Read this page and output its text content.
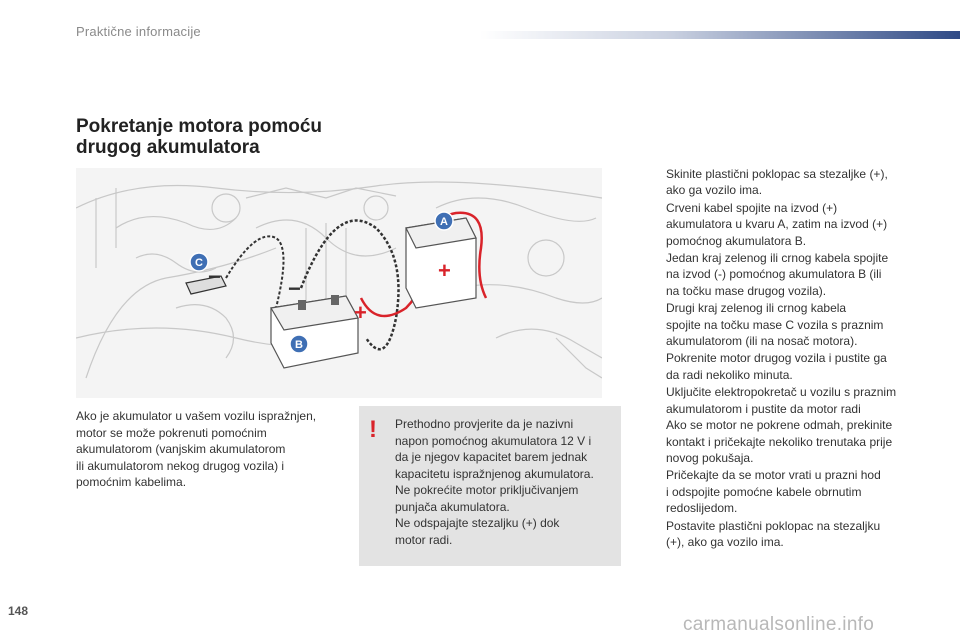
Praktične informacije
Pokretanje motora pomoću
drugog akumulatora
−	−
+
+
A
B
C
Ako je akumulator u vašem vozilu ispražnjen,
motor se može pokrenuti pomoćnim
akumulatorom (vanjskim akumulatorom
ili akumulatorom nekog drugog vozila) i
pomoćnim kabelima.
! Prethodno provjerite da je nazivni
napon pomoćnog akumulatora 12 V i
da je njegov kapacitet barem jednak
kapacitetu ispražnjenog akumulatora.
Ne pokrećite motor priključivanjem
punjača akumulatora.
Ne odspajajte stezaljku (+) dok
motor radi.
Skinite plastični poklopac sa stezaljke (+),
ako ga vozilo ima.
Crveni kabel spojite na izvod (+)
akumulatora u kvaru A, zatim na izvod (+)
pomoćnog akumulatora B.
Jedan kraj zelenog ili crnog kabela spojite
na izvod (-) pomoćnog akumulatora B (ili
na točku mase drugog vozila).
Drugi kraj zelenog ili crnog kabela
spojite na točku mase C vozila s praznim
akumulatorom (ili na nosač motora).
Pokrenite motor drugog vozila i pustite ga
da radi nekoliko minuta.
Uključite elektropokretač u vozilu s praznim
akumulatorom i pustite da motor radi
Ako se motor ne pokrene odmah, prekinite
kontakt i pričekajte nekoliko trenutaka prije
novog pokušaja.
Pričekajte da se motor vrati u prazni hod
i odspojite pomoćne kabele obrnutim
redoslijedom.
Postavite plastični poklopac na stezaljku
(+), ako ga vozilo ima.
148
carmanualsonline.info
